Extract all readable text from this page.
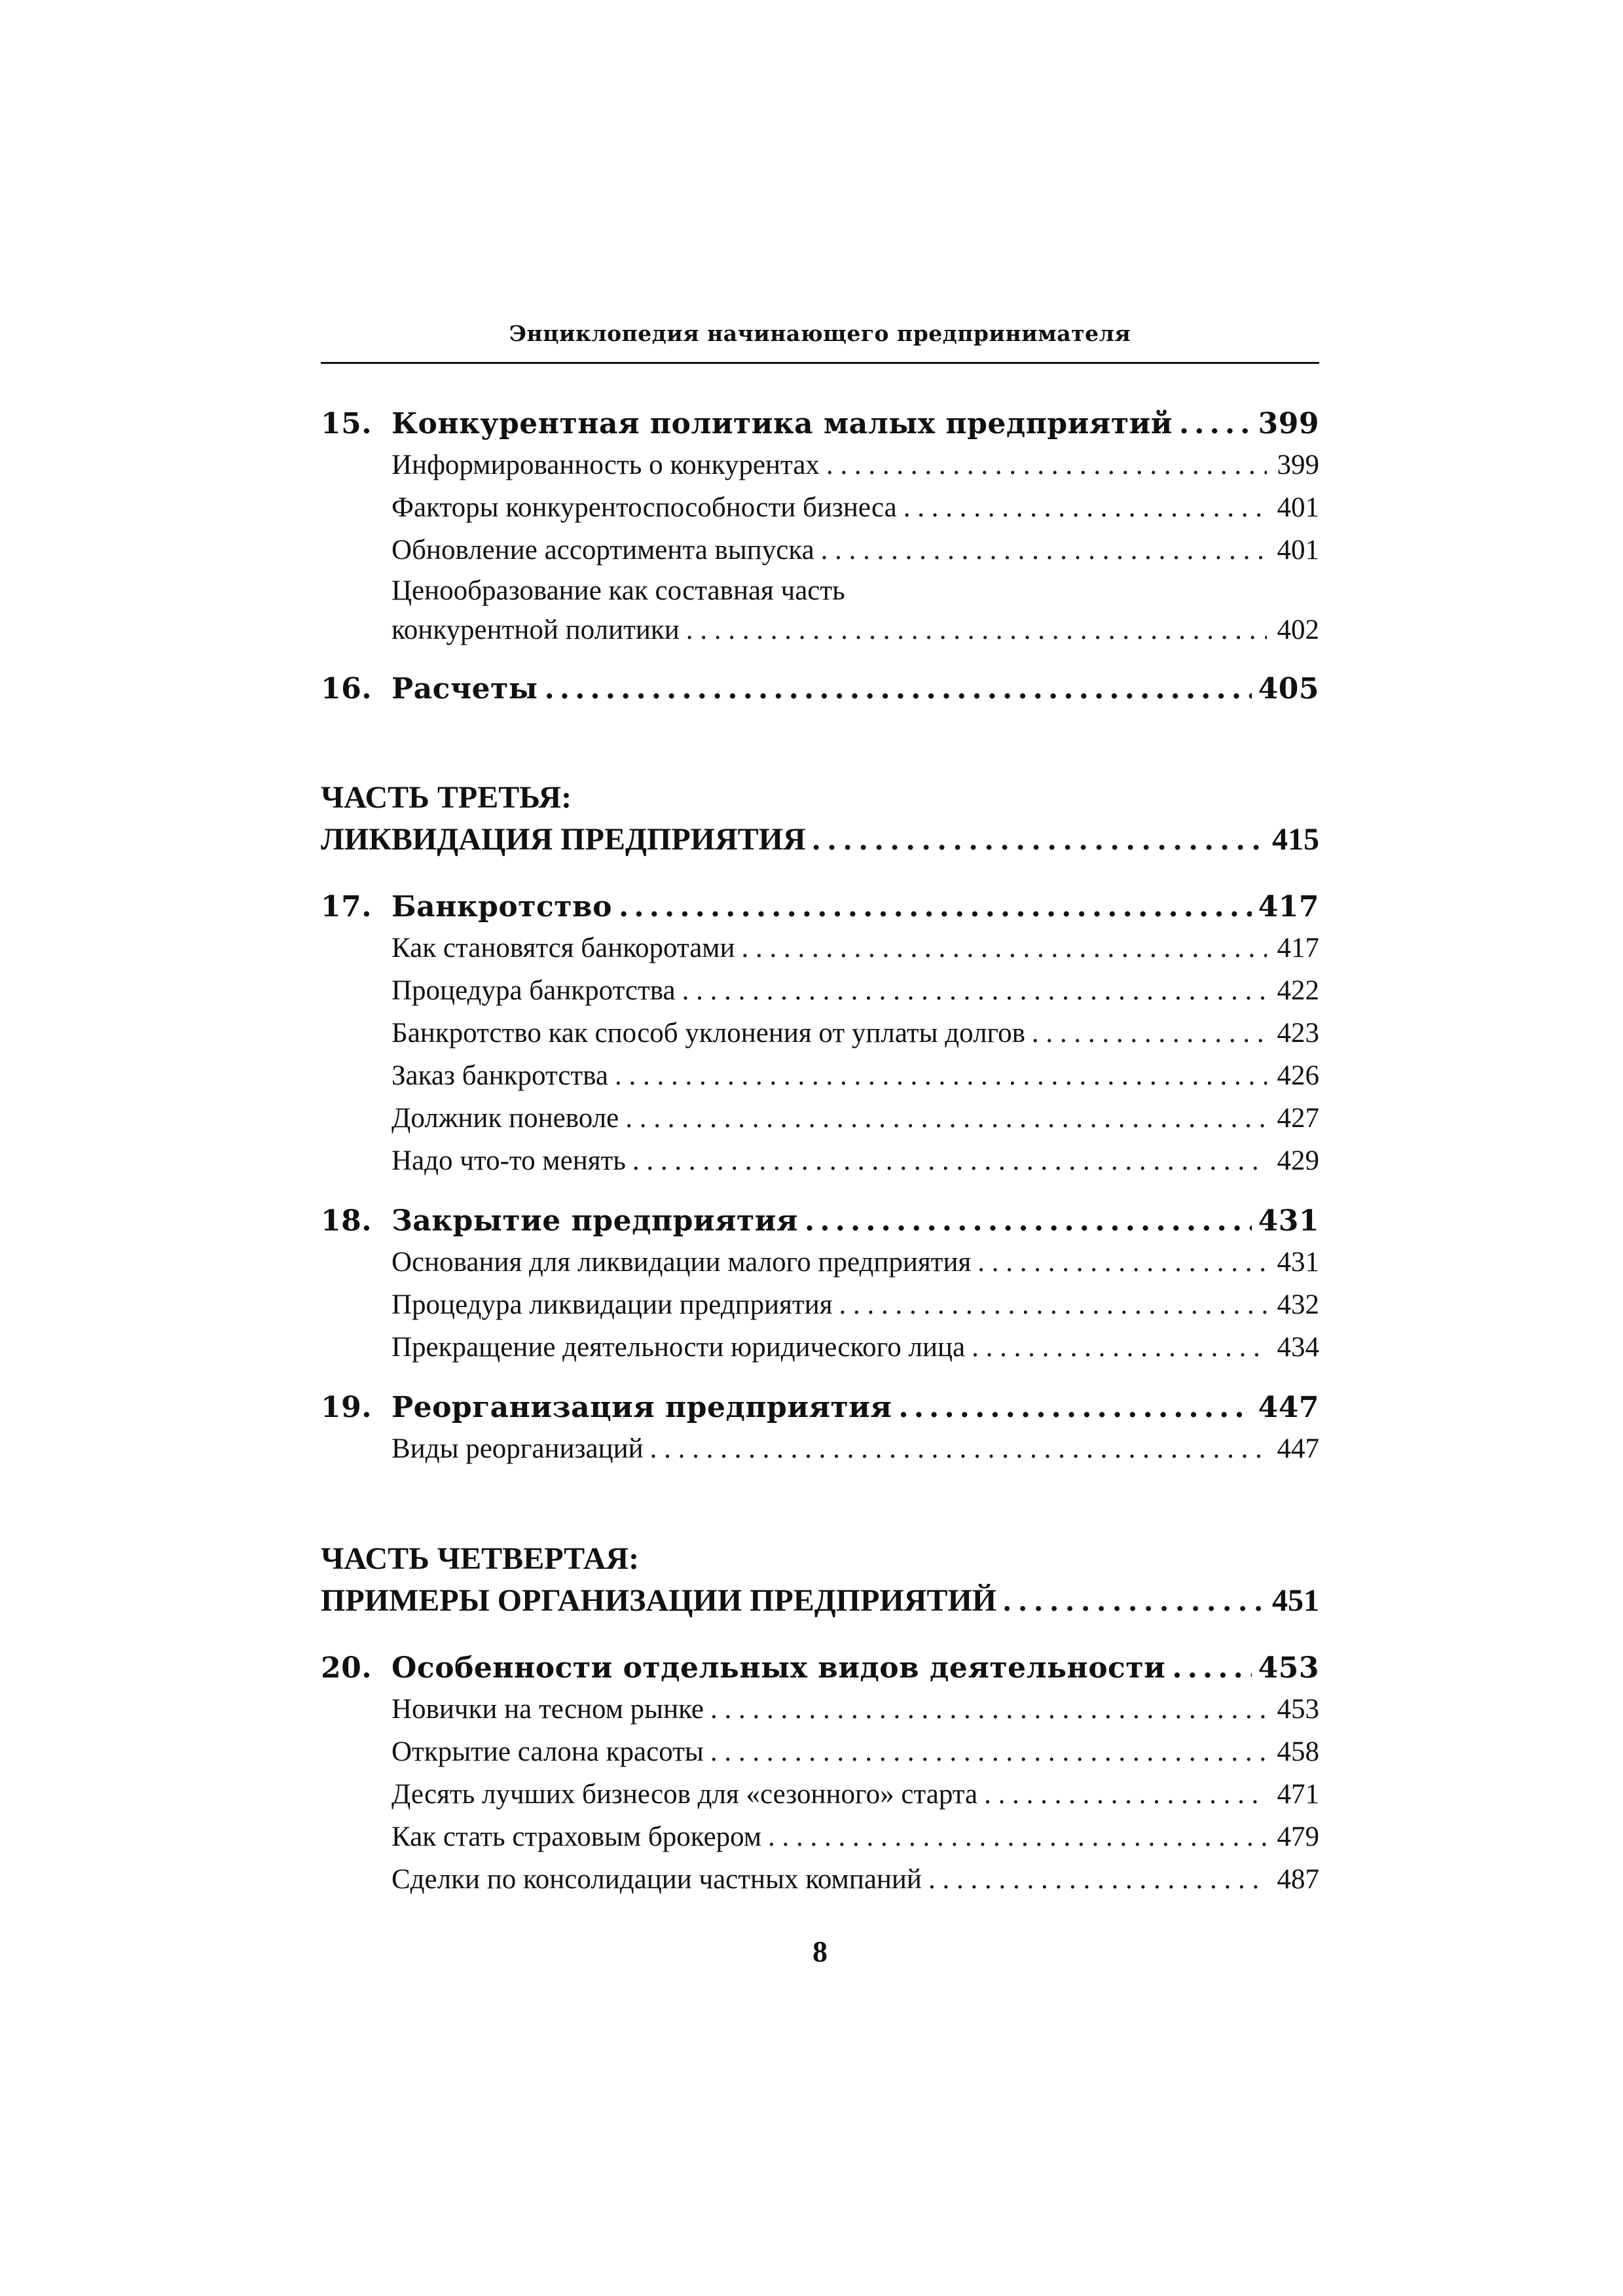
Энциклопедия начинающего предпринимателя
15. Конкурентная политика малых предприятий .....	399
Информированность о конкурентах . . .	399
Факторы конкурентоспособности бизнеса . . .	401
Обновление ассортимента выпуска . . .	401
Ценообразование как составная часть
конкурентной политики . . .	402
16. Расчеты .....	405
ЧАСТЬ ТРЕТЬЯ:
ЛИКВИДАЦИЯ ПРЕДПРИЯТИЯ . . .	415
17. Банкротство .....	417
Как становятся банкоротами . . .	417
Процедура банкротства . . .	422
Банкротство как способ уклонения от уплаты долгов . . .	423
Заказ банкротства . . .	426
Должник поневоле . . .	427
Надо что-то менять . . .	429
18. Закрытие предприятия .....	431
Основания для ликвидации малого предприятия . . .	431
Процедура ликвидации предприятия . . .	432
Прекращение деятельности юридического лица . . .	434
19. Реорганизация предприятия .....	447
Виды реорганизаций . . .	447
ЧАСТЬ ЧЕТВЕРТАЯ:
ПРИМЕРЫ ОРГАНИЗАЦИИ ПРЕДПРИЯТИЙ . . .	451
20. Особенности отдельных видов деятельности .....	453
Новички на тесном рынке . . .	453
Открытие салона красоты . . .	458
Десять лучших бизнесов для «сезонного» старта . . .	471
Как стать страховым брокером . . .	479
Сделки по консолидации частных компаний . . .	487
8
